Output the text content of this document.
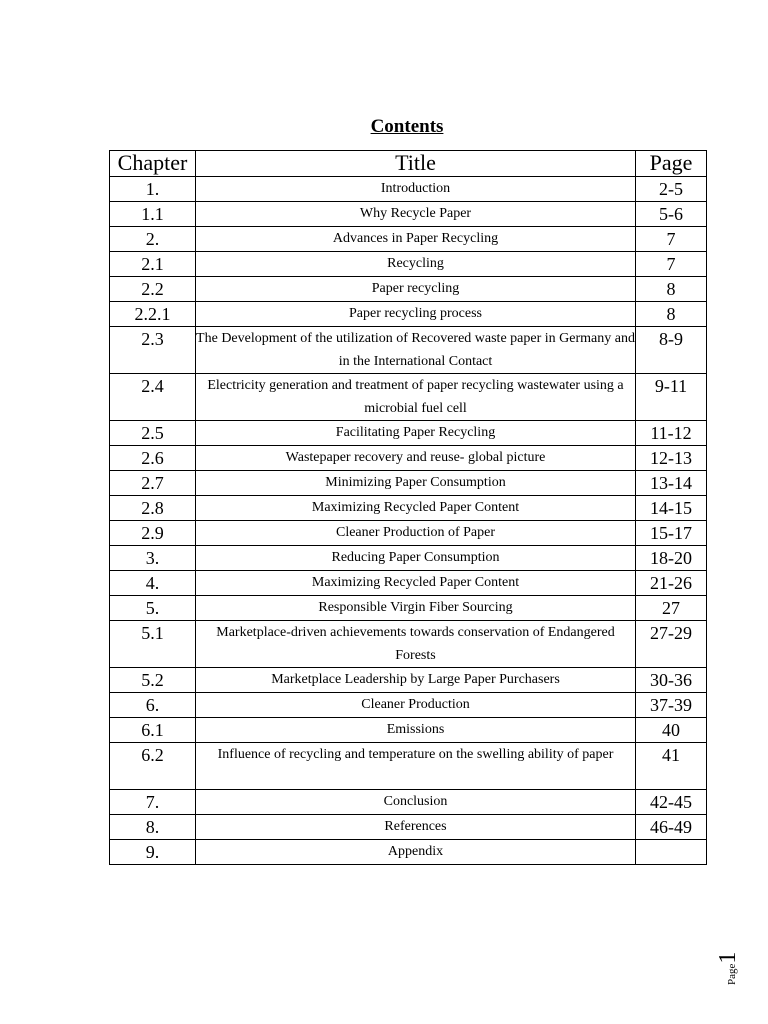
Contents
Chapter	Title	Page
1.	Introduction	2-5
1.1	Why Recycle Paper	5-6
2.	Advances in Paper Recycling	7
2.1	Recycling	7
2.2	Paper recycling	8
2.2.1	Paper recycling process	8
2.3	The Development of the utilization of Recovered waste paper in Germany and in the International Contact	8-9
2.4	Electricity generation and treatment of paper recycling wastewater using a microbial fuel cell	9-11
2.5	Facilitating Paper Recycling	11-12
2.6	Wastepaper recovery and reuse- global picture	12-13
2.7	Minimizing Paper Consumption	13-14
2.8	Maximizing Recycled Paper Content	14-15
2.9	Cleaner Production of Paper	15-17
3.	Reducing Paper Consumption	18-20
4.	Maximizing Recycled Paper Content	21-26
5.	Responsible Virgin Fiber Sourcing	27
5.1	Marketplace-driven achievements towards conservation of Endangered Forests	27-29
5.2	Marketplace Leadership by Large Paper Purchasers	30-36
6.	Cleaner Production	37-39
6.1	Emissions	40
6.2	Influence of recycling and temperature on the swelling ability of paper	41
7.	Conclusion	42-45
8.	References	46-49
9.	Appendix	
Page1
